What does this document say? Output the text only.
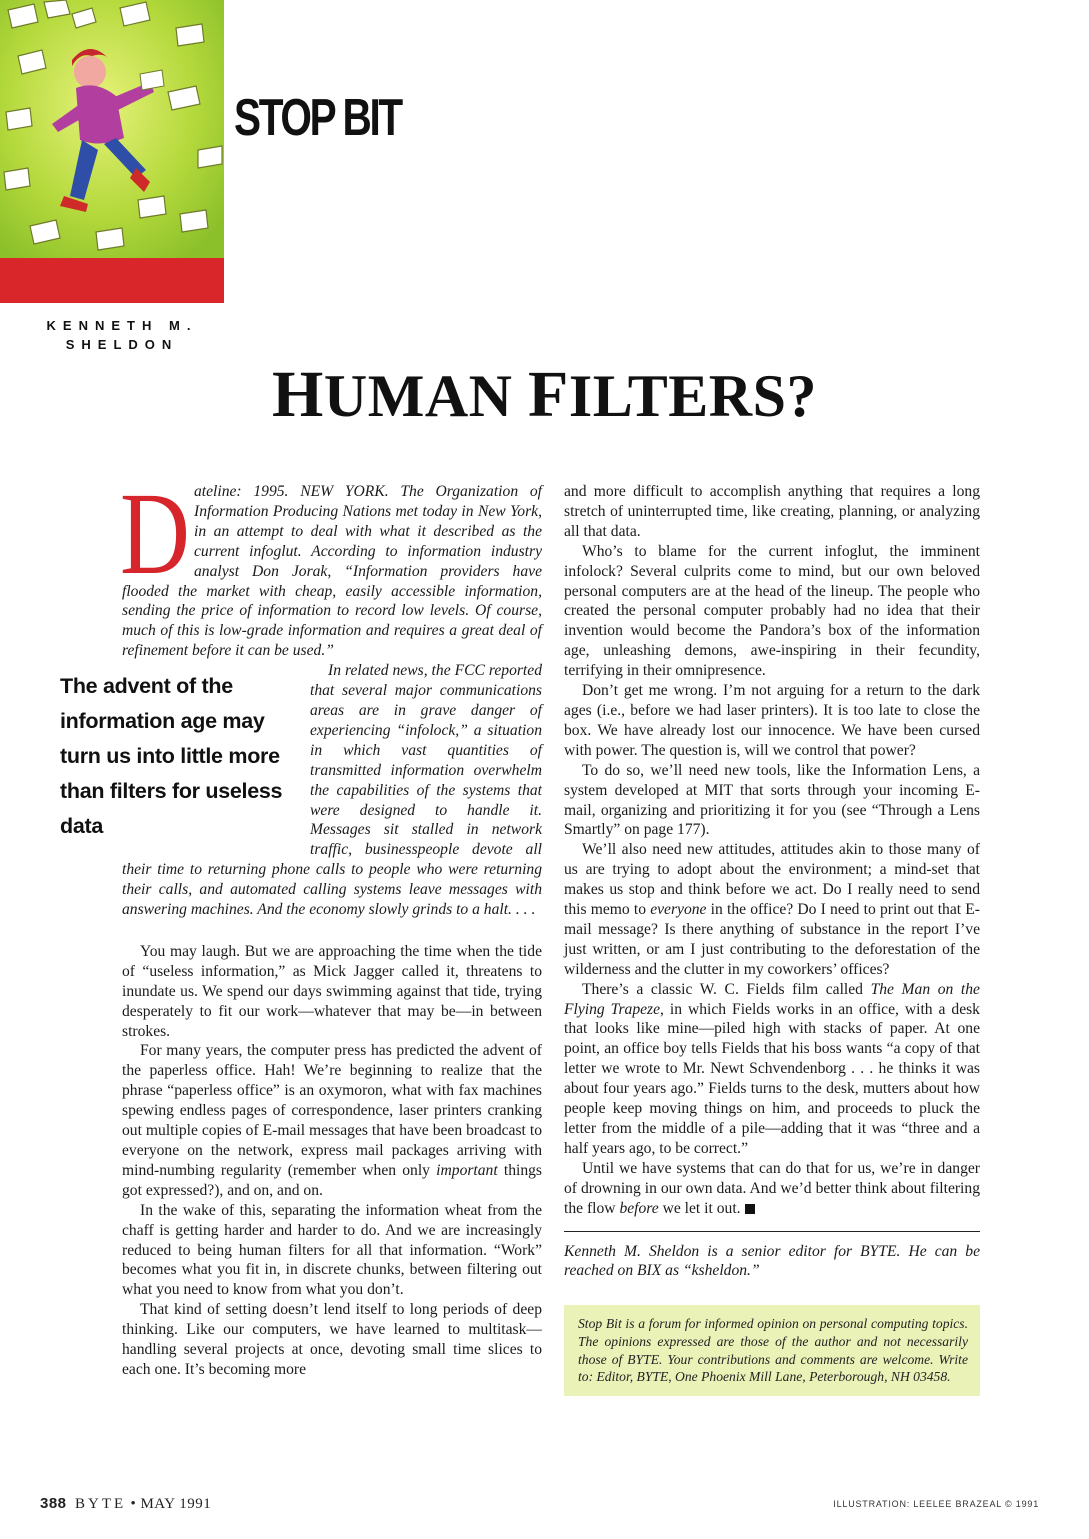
STOP BIT
KENNETH M.
SHELDON
HUMAN FILTERS?
D ateline: 1995. NEW YORK. The Organization of Information Producing Nations met today in New York, in an attempt to deal with what it described as the current infoglut. According to information industry analyst Don Jorak, “Information providers have flooded the market with cheap, easily accessible information, sending the price of information to record low levels. Of course, much of this is low-grade information and requires a great deal of refinement before it can be used.”

The advent of the information age may turn us into little more than filters for useless data

In related news, the FCC reported that several major communications areas are in grave danger of experiencing “infolock,” a situation in which vast quantities of transmitted information overwhelm the capabilities of the systems that were designed to handle it. Messages sit stalled in network traffic, businesspeople devote all their time to returning phone calls to people who were returning their calls, and automated calling systems leave messages with answering machines. And the economy slowly grinds to a halt. . . .

You may laugh. But we are approaching the time when the tide of “useless information,” as Mick Jagger called it, threatens to inundate us. We spend our days swimming against that tide, trying desperately to fit our work—whatever that may be—in between strokes.

For many years, the computer press has predicted the advent of the paperless office. Hah! We’re beginning to realize that the phrase “paperless office” is an oxymoron, what with fax machines spewing endless pages of correspondence, laser printers cranking out multiple copies of E-mail messages that have been broadcast to everyone on the network, express mail packages arriving with mind-numbing regularity (remember when only important things got expressed?), and on, and on.

In the wake of this, separating the information wheat from the chaff is getting harder and harder to do. And we are increasingly reduced to being human filters for all that information. “Work” becomes what you fit in, in discrete chunks, between filtering out what you need to know from what you don’t.

That kind of setting doesn’t lend itself to long periods of deep thinking. Like our computers, we have learned to multitask—handling several projects at once, devoting small time slices to each one. It’s becoming more

and more difficult to accomplish anything that requires a long stretch of uninterrupted time, like creating, planning, or analyzing all that data.

Who’s to blame for the current infoglut, the imminent infolock? Several culprits come to mind, but our own beloved personal computers are at the head of the lineup. The people who created the personal computer probably had no idea that their invention would become the Pandora’s box of the information age, unleashing demons, awe-inspiring in their fecundity, terrifying in their omnipresence.

Don’t get me wrong. I’m not arguing for a return to the dark ages (i.e., before we had laser printers). It is too late to close the box. We have already lost our innocence. We have been cursed with power. The question is, will we control that power?

To do so, we’ll need new tools, like the Information Lens, a system developed at MIT that sorts through your incoming E-mail, organizing and prioritizing it for you (see “Through a Lens Smartly” on page 177).

We’ll also need new attitudes, attitudes akin to those many of us are trying to adopt about the environment; a mind-set that makes us stop and think before we act. Do I really need to send this memo to everyone in the office? Do I need to print out that E-mail message? Is there anything of substance in the report I’ve just written, or am I just contributing to the deforestation of the wilderness and the clutter in my coworkers’ offices?

There’s a classic W. C. Fields film called The Man on the Flying Trapeze, in which Fields works in an office, with a desk that looks like mine—piled high with stacks of paper. At one point, an office boy tells Fields that his boss wants “a copy of that letter we wrote to Mr. Newt Schvendenborg . . . he thinks it was about four years ago.” Fields turns to the desk, mutters about how people keep moving things on him, and proceeds to pluck the letter from the middle of a pile—adding that it was “three and a half years ago, to be correct.”

Until we have systems that can do that for us, we’re in danger of drowning in our own data. And we’d better think about filtering the flow before we let it out.

Kenneth M. Sheldon is a senior editor for BYTE. He can be reached on BIX as “ksheldon.”

Stop Bit is a forum for informed opinion on personal computing topics. The opinions expressed are those of the author and not necessarily those of BYTE. Your contributions and comments are welcome. Write to: Editor, BYTE, One Phoenix Mill Lane, Peterborough, NH 03458.
388 BYTE • MAY 1991	ILLUSTRATION: LEELEE BRAZEAL © 1991
